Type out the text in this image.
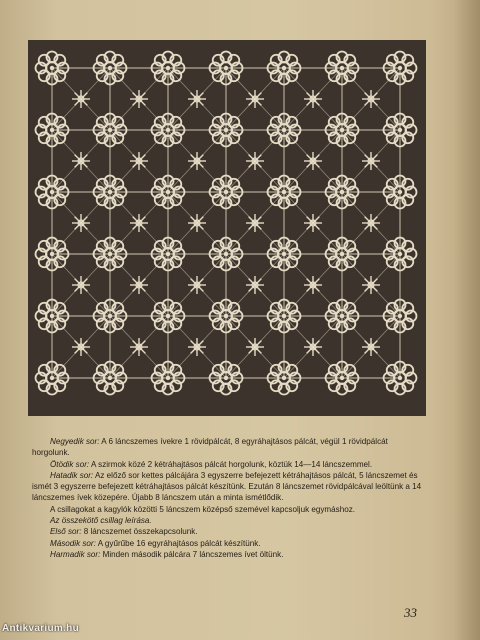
Negyedik sor: A 6 láncszemes ívekre 1 rövidpálcát, 8 egyráhajtásos pálcát, végül 1 rövidpálcát horgolunk.

Ötödik sor: A szirmok közé 2 kétráhajtásos pálcát horgolunk, köztük 14—14 láncszemmel.

Hatadik sor: Az előző sor kettes pálcájára 3 egyszerre befejezett kétráhajtásos pálcát, 5 láncszemet és ismét 3 egyszerre befejezett kétráhajtásos pálcát készítünk. Ezután 8 láncszemet rövidpálcával leöltünk a 14 láncszemes ívek közepére. Újabb 8 láncszem után a minta ismétlődik.

A csillagokat a kagylók közötti 5 láncszem középső szemével kapcsoljuk egymáshoz.

Az összekötő csillag leírása.

Első sor: 8 láncszemet összekapcsolunk.

Második sor: A gyűrűbe 16 egyráhajtásos pálcát készítünk.

Harmadik sor: Minden második pálcára 7 láncszemes ívet öltünk.

33
Antikvarium.hu
